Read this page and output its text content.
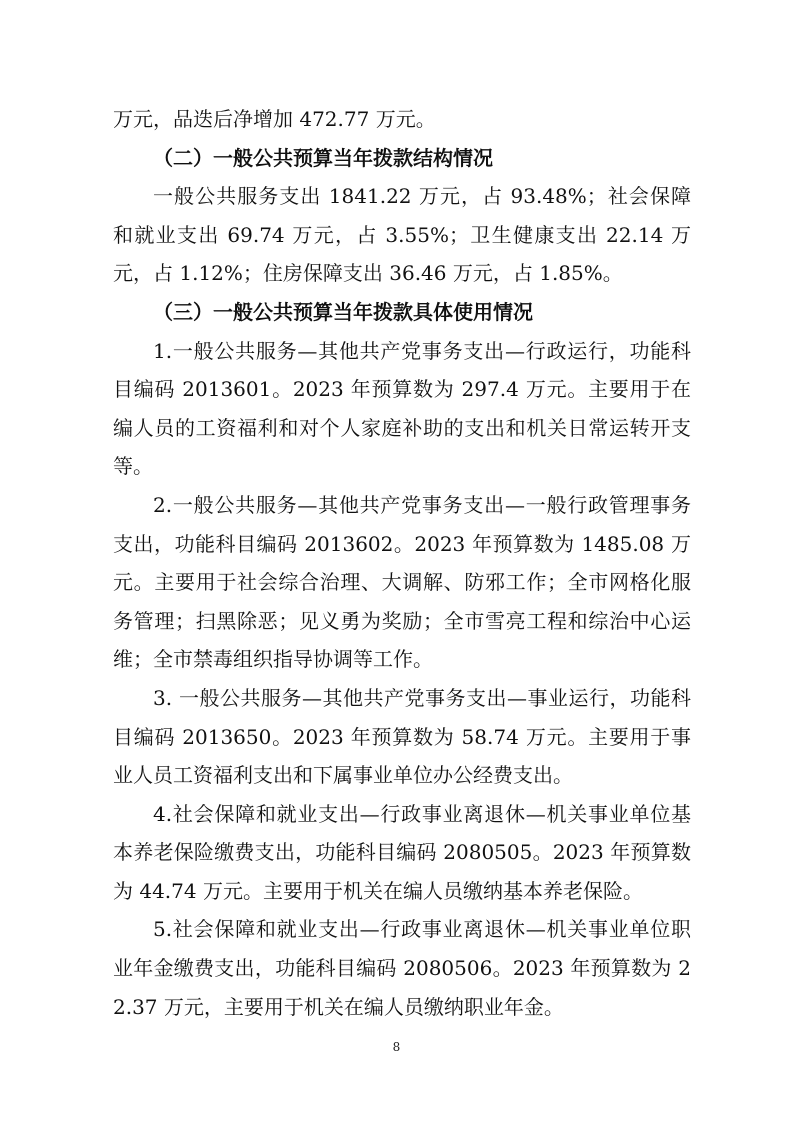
万元，品迭后净增加 472.77 万元。

（二）一般公共预算当年拨款结构情况

一般公共服务支出 1841.22 万元，占 93.48%；社会保障和就业支出 69.74 万元，占 3.55%；卫生健康支出 22.14 万元，占 1.12%；住房保障支出 36.46 万元，占 1.85%。

（三）一般公共预算当年拨款具体使用情况

1.一般公共服务—其他共产党事务支出—行政运行，功能科目编码 2013601。2023 年预算数为 297.4 万元。主要用于在编人员的工资福利和对个人家庭补助的支出和机关日常运转开支等。

2.一般公共服务—其他共产党事务支出—一般行政管理事务支出，功能科目编码 2013602。2023 年预算数为 1485.08 万元。主要用于社会综合治理、大调解、防邪工作；全市网格化服务管理；扫黑除恶；见义勇为奖励；全市雪亮工程和综治中心运维；全市禁毒组织指导协调等工作。

3. 一般公共服务—其他共产党事务支出—事业运行，功能科目编码 2013650。2023 年预算数为 58.74 万元。主要用于事业人员工资福利支出和下属事业单位办公经费支出。

4.社会保障和就业支出—行政事业离退休—机关事业单位基本养老保险缴费支出，功能科目编码 2080505。2023 年预算数为 44.74 万元。主要用于机关在编人员缴纳基本养老保险。

5.社会保障和就业支出—行政事业离退休—机关事业单位职业年金缴费支出，功能科目编码 2080506。2023 年预算数为 22.37 万元，主要用于机关在编人员缴纳职业年金。

8
